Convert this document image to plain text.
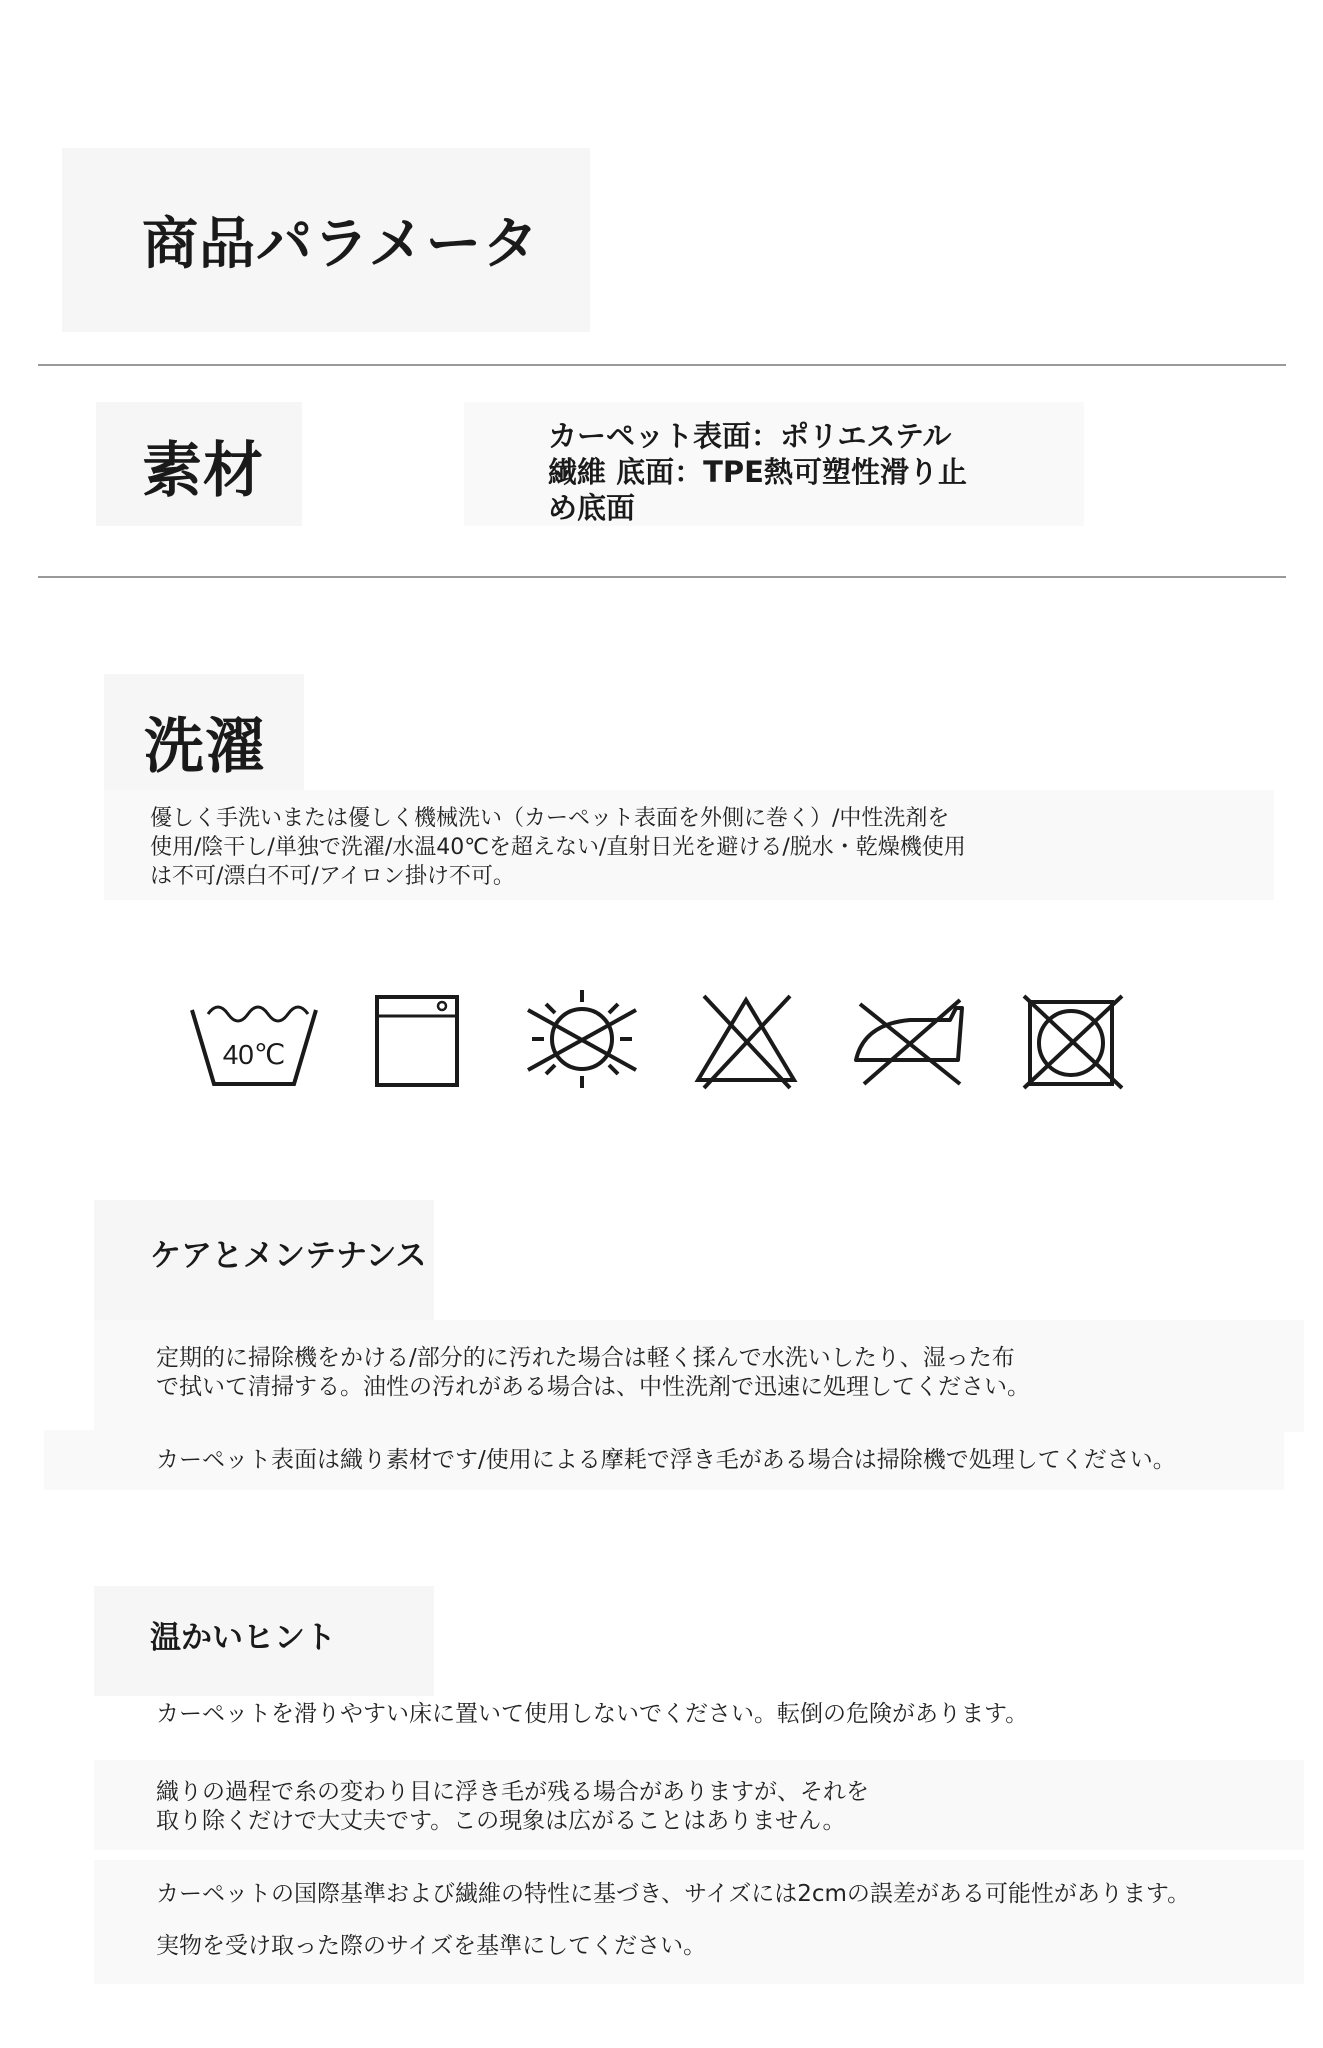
商品パラメータ
素材	カーペット表面：ポリエステル
繊維 底面：TPE熱可塑性滑り止
め底面
洗濯
優しく手洗いまたは優しく機械洗い（カーペット表面を外側に巻く）/中性洗剤を
使用/陰干し/単独で洗濯/水温40℃を超えない/直射日光を避ける/脱水・乾燥機使用
は不可/漂白不可/アイロン掛け不可。
40℃
ケアとメンテナンス
定期的に掃除機をかける/部分的に汚れた場合は軽く揉んで水洗いしたり、湿った布
で拭いて清掃する。油性の汚れがある場合は、中性洗剤で迅速に処理してください。
カーペット表面は織り素材です/使用による摩耗で浮き毛がある場合は掃除機で処理してください。
温かいヒント
カーペットを滑りやすい床に置いて使用しないでください。転倒の危険があります。
織りの過程で糸の変わり目に浮き毛が残る場合がありますが、それを
取り除くだけで大丈夫です。この現象は広がることはありません。
カーペットの国際基準および繊維の特性に基づき、サイズには2cmの誤差がある可能性があります。
実物を受け取った際のサイズを基準にしてください。
